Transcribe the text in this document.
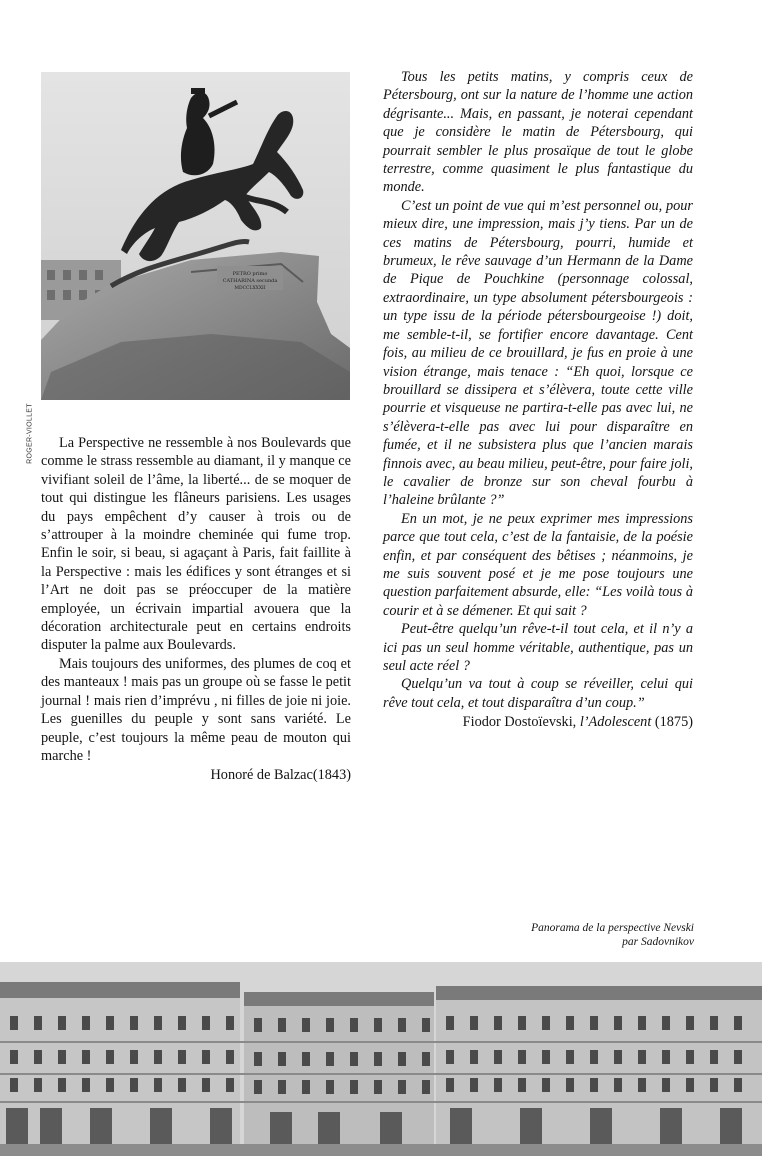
PETRO primo
CATHARINA secunda
MDCCLXXXII
ROGER-VIOLLET	La Perspective ne ressemble à nos Boulevards que comme le strass ressemble au diamant, il y manque ce vivifiant soleil de l’âme, la liberté... de se moquer de tout qui distingue les flâneurs parisiens. Les usages du pays empêchent d’y causer à trois ou de s’attrouper à la moindre cheminée qui fume trop. Enfin le soir, si beau, si agaçant à Paris, fait faillite à la Perspective : mais les édifices y sont étranges et si l’Art ne doit pas se préoccuper de la matière employée, un écrivain impartial avouera que la décoration architecturale peut en certains endroits disputer la palme aux Boulevards.

Mais toujours des uniformes, des plumes de coq et des manteaux ! mais pas un groupe où se fasse le petit journal ! mais rien d’imprévu , ni filles de joie ni joie. Les guenilles du peuple y sont sans variété. Le peuple, c’est toujours la même peau de mouton qui marche !

Honoré de Balzac(1843)

Tous les petits matins, y compris ceux de Pétersbourg, ont sur la nature de l’homme une action dégrisante... Mais, en passant, je noterai cependant que je considère le matin de Pétersbourg, qui pourrait sembler le plus prosaïque de tout le globe terrestre, comme quasiment le plus fantastique du monde.

C’est un point de vue qui m’est personnel ou, pour mieux dire, une impression, mais j’y tiens. Par un de ces matins de Pétersbourg, pourri, humide et brumeux, le rêve sauvage d’un Hermann de la Dame de Pique de Pouchkine (personnage colossal, extraordinaire, un type absolument pétersbourgeois : un type issu de la période pétersbourgeoise !) doit, me semble-t-il, se fortifier encore davantage. Cent fois, au milieu de ce brouillard, je fus en proie à une vision étrange, mais tenace : “Eh quoi, lorsque ce brouillard se dissipera et s’élèvera, toute cette ville pourrie et visqueuse ne partira-t-elle pas avec lui, ne s’élèvera-t-elle pas avec lui pour disparaître en fumée, et il ne subsistera plus que l’ancien marais finnois avec, au beau milieu, peut-être, pour faire joli, le cavalier de bronze sur son cheval fourbu à l’haleine brûlante ?”

En un mot, je ne peux exprimer mes impressions parce que tout cela, c’est de la fantaisie, de la poésie enfin, et par conséquent des bêtises ; néanmoins, je me suis souvent posé et je me pose toujours une question parfaitement absurde, elle: “Les voilà tous à courir et à se démener. Et qui sait ?

Peut-être quelqu’un rêve-t-il tout cela, et il n’y a ici pas un seul homme véritable, authentique, pas un seul acte réel ?

Quelqu’un va tout à coup se réveiller, celui qui rêve tout cela, et tout disparaîtra d’un coup.”

Fiodor Dostoïevski, l’Adolescent (1875)
Panorama de la perspective Nevski
par Sadovnikov
